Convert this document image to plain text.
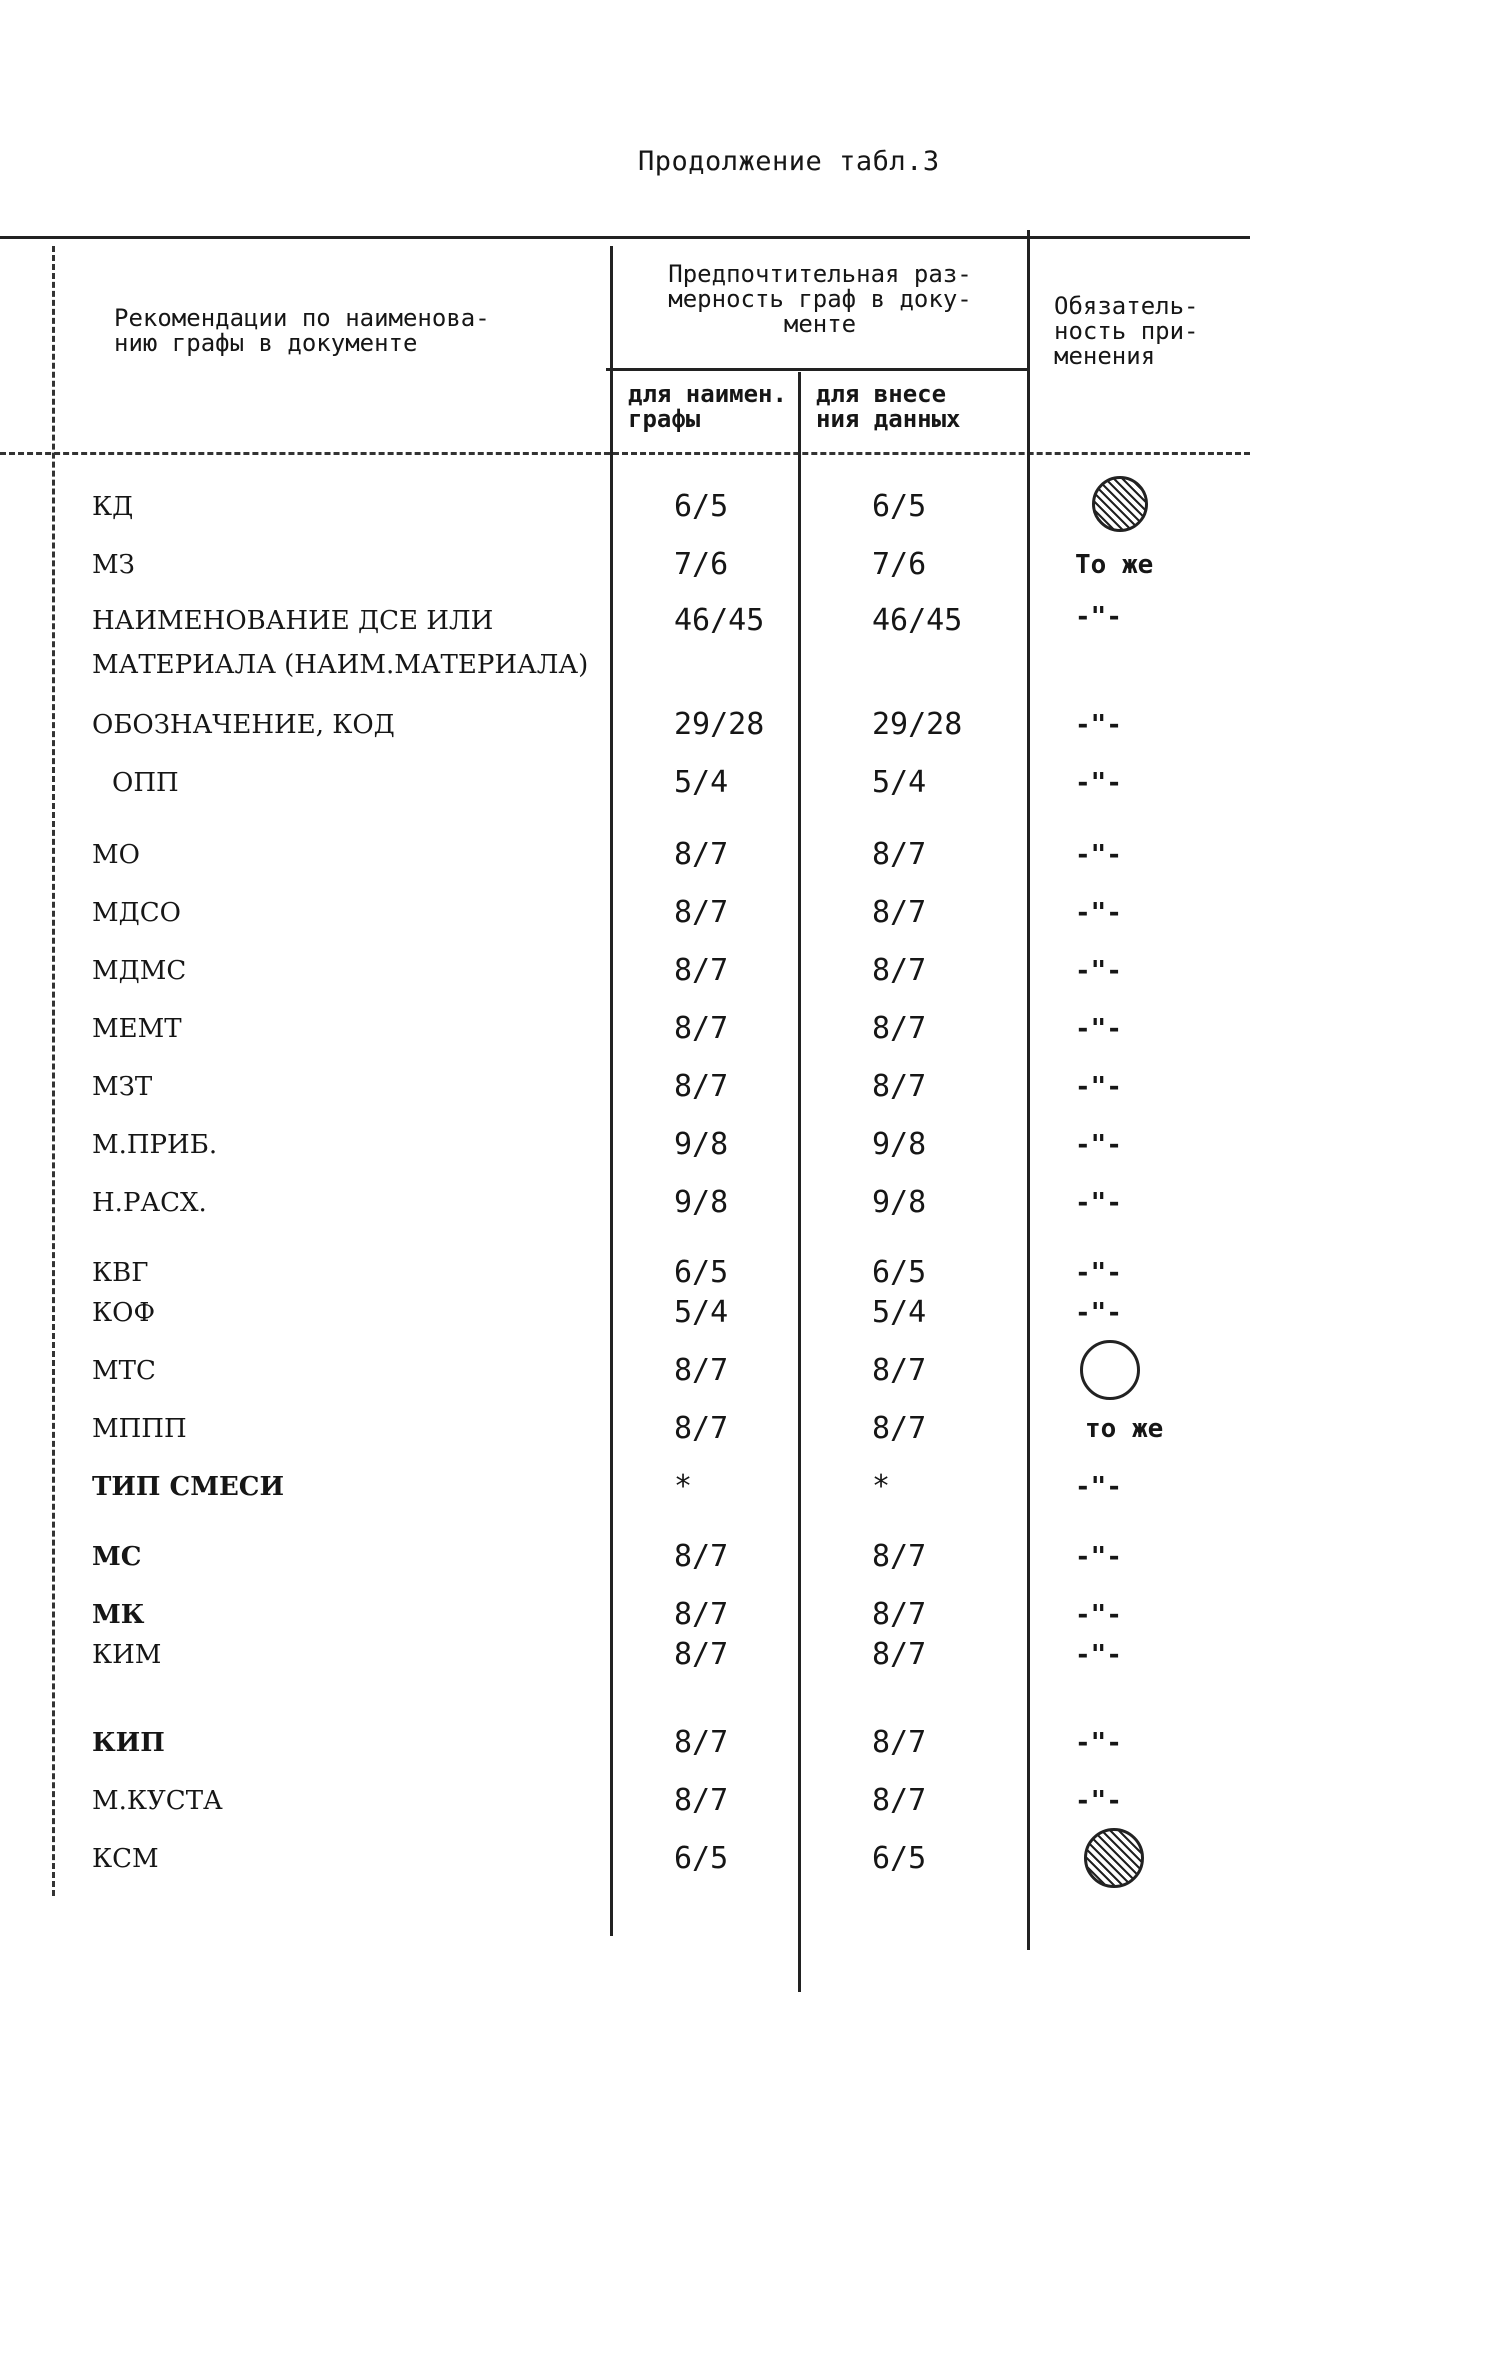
Продолжение табл.3
Рекомендации по наименова-
нию графы в документе
Предпочтительная раз-
мерность граф в доку-
менте
для наимен.
графы
для внесе
ния данных
Обязатель-
ность при-
менения
КД	6/5	6/5
МЗ	7/6	7/6	То же
НАИМЕНОВАНИЕ ДСЕ ИЛИ
МАТЕРИАЛА (НАИМ.МАТЕРИАЛА)
46/45	46/45	-"-
ОБОЗНАЧЕНИЕ, КОД	29/28	29/28	-"-
ОПП	5/4	5/4	-"-
МО	8/7	8/7	-"-
МДСО	8/7	8/7	-"-
МДМС	8/7	8/7	-"-
МЕМТ	8/7	8/7	-"-
МЗТ	8/7	8/7	-"-
М.ПРИБ.	9/8	9/8	-"-
Н.РАСХ.	9/8	9/8	-"-
КВГ	6/5	6/5	-"-
КОФ	5/4	5/4	-"-
МТС	8/7	8/7
МППП	8/7	8/7	то же
ТИП СМЕСИ	*	*	-"-
МС	8/7	8/7	-"-
МК	8/7	8/7	-"-
КИМ	8/7	8/7	-"-
КИП	8/7	8/7	-"-
М.КУСТА	8/7	8/7	-"-
КСМ	6/5	6/5
